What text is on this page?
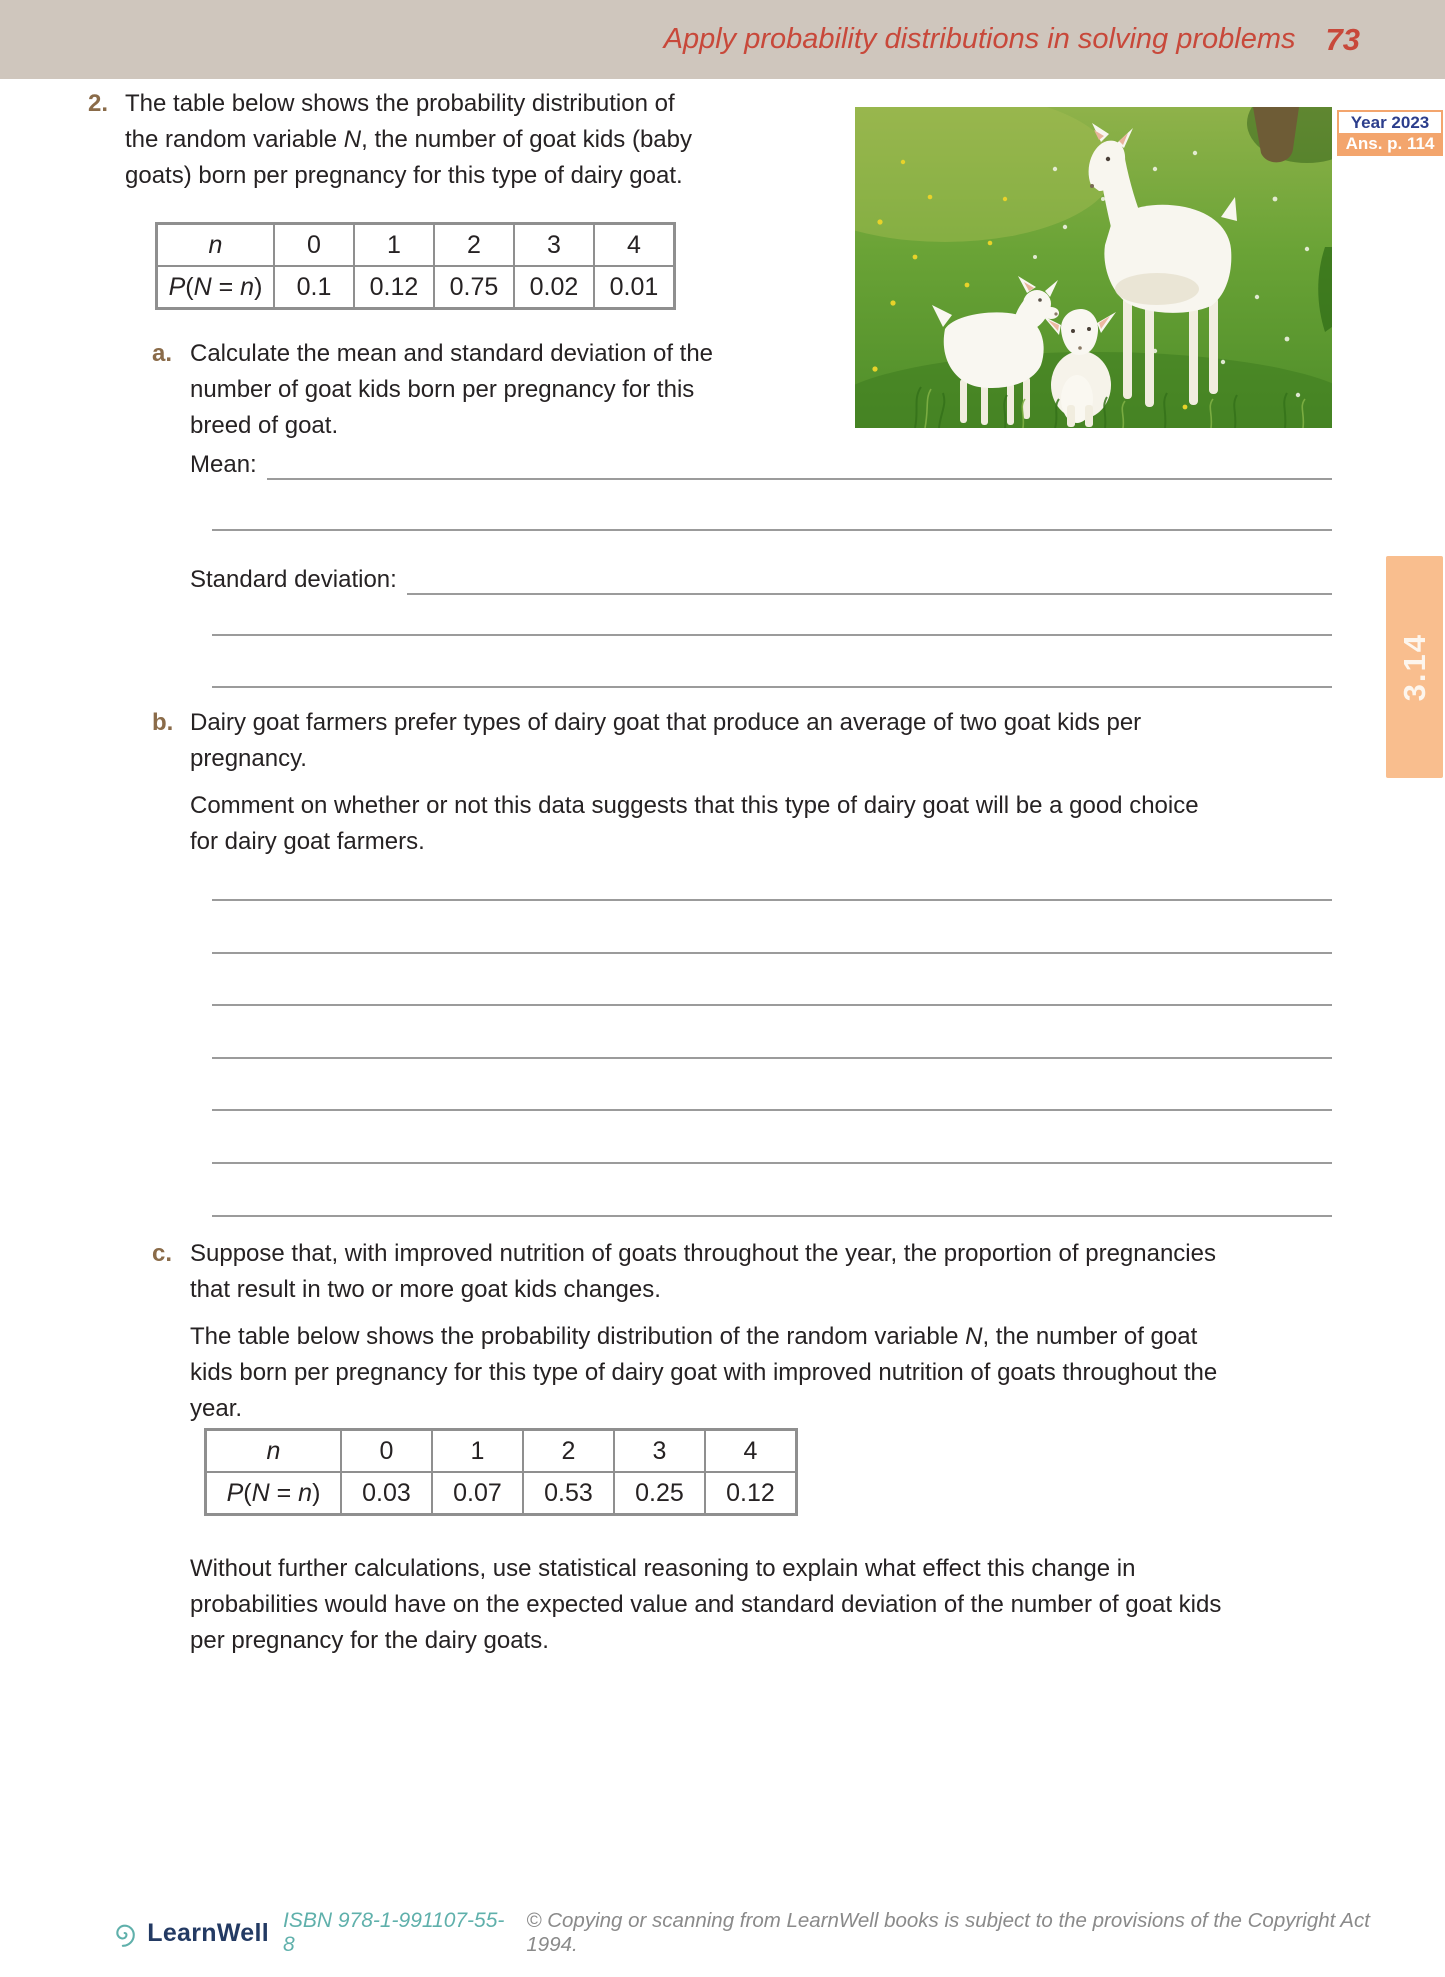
Apply probability distributions in solving problems 73
2. The table below shows the probability distribution of
the random variable N, the number of goat kids (baby
goats) born per pregnancy for this type of dairy goat.
n	0	1	2	3	4
P(N = n)	0.1	0.12	0.75	0.02	0.01
Year 2023
Ans. p. 114
a. Calculate the mean and standard deviation of the
number of goat kids born per pregnancy for this
breed of goat.
Mean:
Standard deviation:
b. Dairy goat farmers prefer types of dairy goat that produce an average of two goat kids per
pregnancy.
Comment on whether or not this data suggests that this type of dairy goat will be a good choice
for dairy goat farmers.
c. Suppose that, with improved nutrition of goats throughout the year, the proportion of pregnancies
that result in two or more goat kids changes.
The table below shows the probability distribution of the random variable N, the number of goat
kids born per pregnancy for this type of dairy goat with improved nutrition of goats throughout the
year.
n	0	1	2	3	4
P(N = n)	0.03	0.07	0.53	0.25	0.12
Without further calculations, use statistical reasoning to explain what effect this change in
probabilities would have on the expected value and standard deviation of the number of goat kids
per pregnancy for the dairy goats.
3.14
LearnWell ISBN 978-1-991107-55-8
© Copying or scanning from LearnWell books is subject to the provisions of the Copyright Act 1994.
